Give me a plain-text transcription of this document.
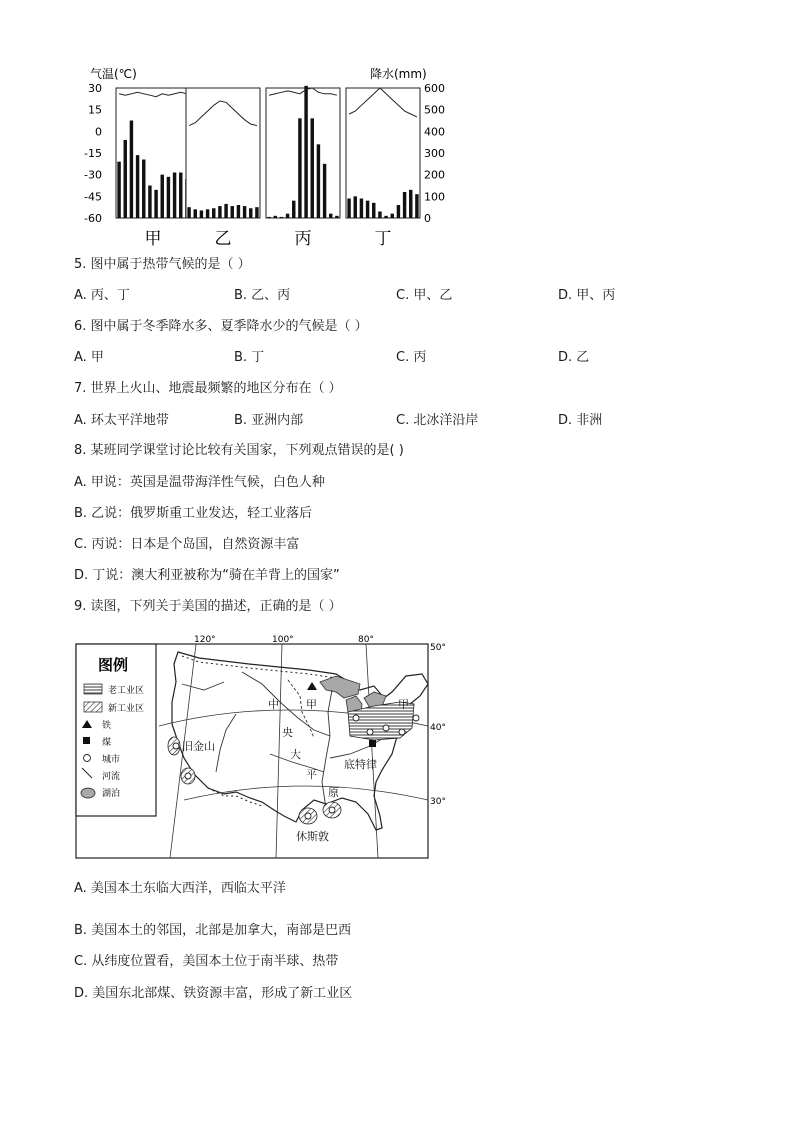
气温(℃)	降水(mm)
30
15
0
-15
-30
-45
-60
600
500
400
300
200
100
0
甲	乙	丙	丁
5. 图中属于热带气候的是（ ）
A. 丙、丁	B. 乙、丙	C. 甲、乙	D. 甲、丙
6. 图中属于冬季降水多、夏季降水少的气候是（ ）
A. 甲	B. 丁	C. 丙	D. 乙
7. 世界上火山、地震最频繁的地区分布在（ ）
A. 环太平洋地带	B. 亚洲内部	C. 北冰洋沿岸	D. 非洲
8. 某班同学课堂讨论比较有关国家，下列观点错误的是( )
A. 甲说：英国是温带海洋性气候，白色人种
B. 乙说：俄罗斯重工业发达，轻工业落后
C. 丙说：日本是个岛国，自然资源丰富
D. 丁说：澳大利亚被称为“骑在羊背上的国家”
9. 读图，下列关于美国的描述，正确的是（ ）
120°	100°	80°
50°
40°
30°
甲	甲
中
央
大
平
原
底特律
旧金山
休斯敦
图例
老工业区
新工业区
铁
煤
城市
河流
湖泊
A. 美国本土东临大西洋，西临太平洋
B. 美国本土的邻国，北部是加拿大，南部是巴西
C. 从纬度位置看，美国本土位于南半球、热带
D. 美国东北部煤、铁资源丰富，形成了新工业区
